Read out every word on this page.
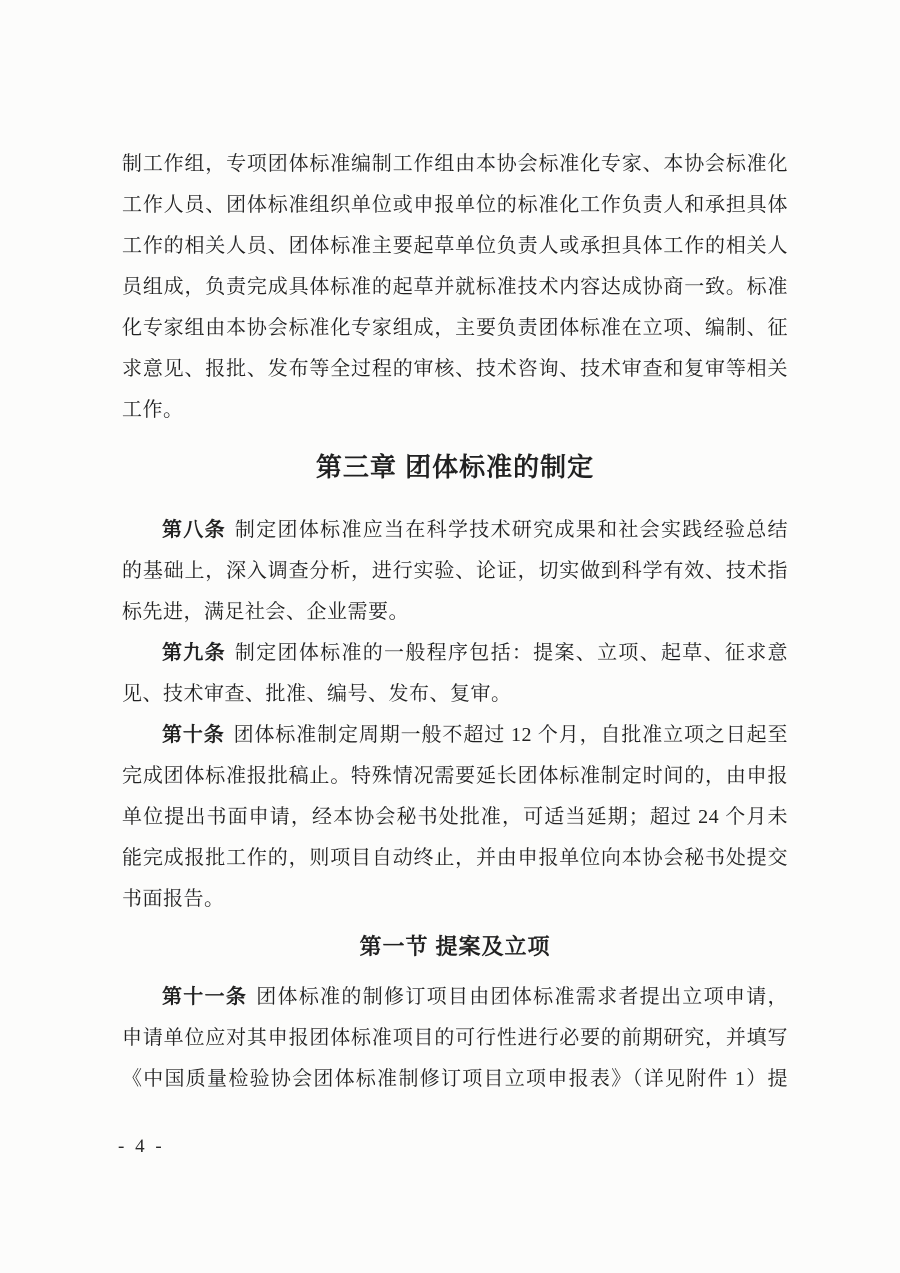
制工作组，专项团体标准编制工作组由本协会标准化专家、本协会标准化
工作人员、团体标准组织单位或申报单位的标准化工作负责人和承担具体
工作的相关人员、团体标准主要起草单位负责人或承担具体工作的相关人
员组成，负责完成具体标准的起草并就标准技术内容达成协商一致。标准
化专家组由本协会标准化专家组成，主要负责团体标准在立项、编制、征
求意见、报批、发布等全过程的审核、技术咨询、技术审查和复审等相关
工作。
第三章 团体标准的制定
第八条 制定团体标准应当在科学技术研究成果和社会实践经验总结
的基础上，深入调查分析，进行实验、论证，切实做到科学有效、技术指
标先进，满足社会、企业需要。
第九条 制定团体标准的一般程序包括：提案、立项、起草、征求意
见、技术审查、批准、编号、发布、复审。
第十条 团体标准制定周期一般不超过 12 个月，自批准立项之日起至
完成团体标准报批稿止。特殊情况需要延长团体标准制定时间的，由申报
单位提出书面申请，经本协会秘书处批准，可适当延期；超过 24 个月未
能完成报批工作的，则项目自动终止，并由申报单位向本协会秘书处提交
书面报告。
第一节 提案及立项
第十一条 团体标准的制修订项目由团体标准需求者提出立项申请，
申请单位应对其申报团体标准项目的可行性进行必要的前期研究，并填写
《中国质量检验协会团体标准制修订项目立项申报表》（详见附件 1）提
- 4 -
